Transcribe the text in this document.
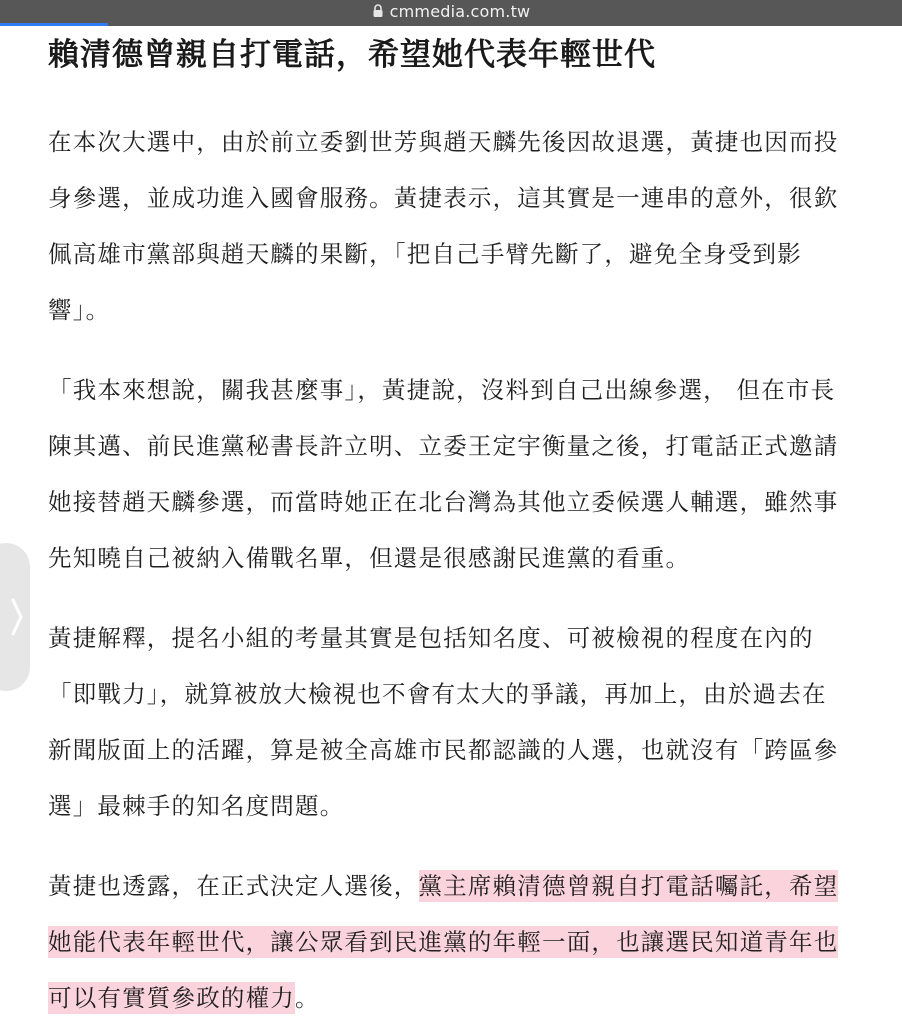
cmmedia.com.tw
賴清德曾親自打電話，希望她代表年輕世代

在本次大選中，由於前立委劉世芳與趙天麟先後因故退選，黃捷也因而投身參選，並成功進入國會服務。黃捷表示，這其實是一連串的意外，很欽佩高雄市黨部與趙天麟的果斷，「把自己手臂先斷了，避免全身受到影響」。

「我本來想說，關我甚麼事」，黃捷說，沒料到自己出線參選， 但在市長陳其邁、前民進黨秘書長許立明、立委王定宇衡量之後，打電話正式邀請她接替趙天麟參選，而當時她正在北台灣為其他立委候選人輔選，雖然事先知曉自己被納入備戰名單，但還是很感謝民進黨的看重。

黃捷解釋，提名小組的考量其實是包括知名度、可被檢視的程度在內的「即戰力」，就算被放大檢視也不會有太大的爭議，再加上，由於過去在新聞版面上的活躍，算是被全高雄市民都認識的人選，也就沒有「跨區參選」最棘手的知名度問題。

黃捷也透露，在正式決定人選後，黨主席賴清德曾親自打電話囑託，希望她能代表年輕世代，讓公眾看到民進黨的年輕一面，也讓選民知道青年也可以有實質參政的權力。
